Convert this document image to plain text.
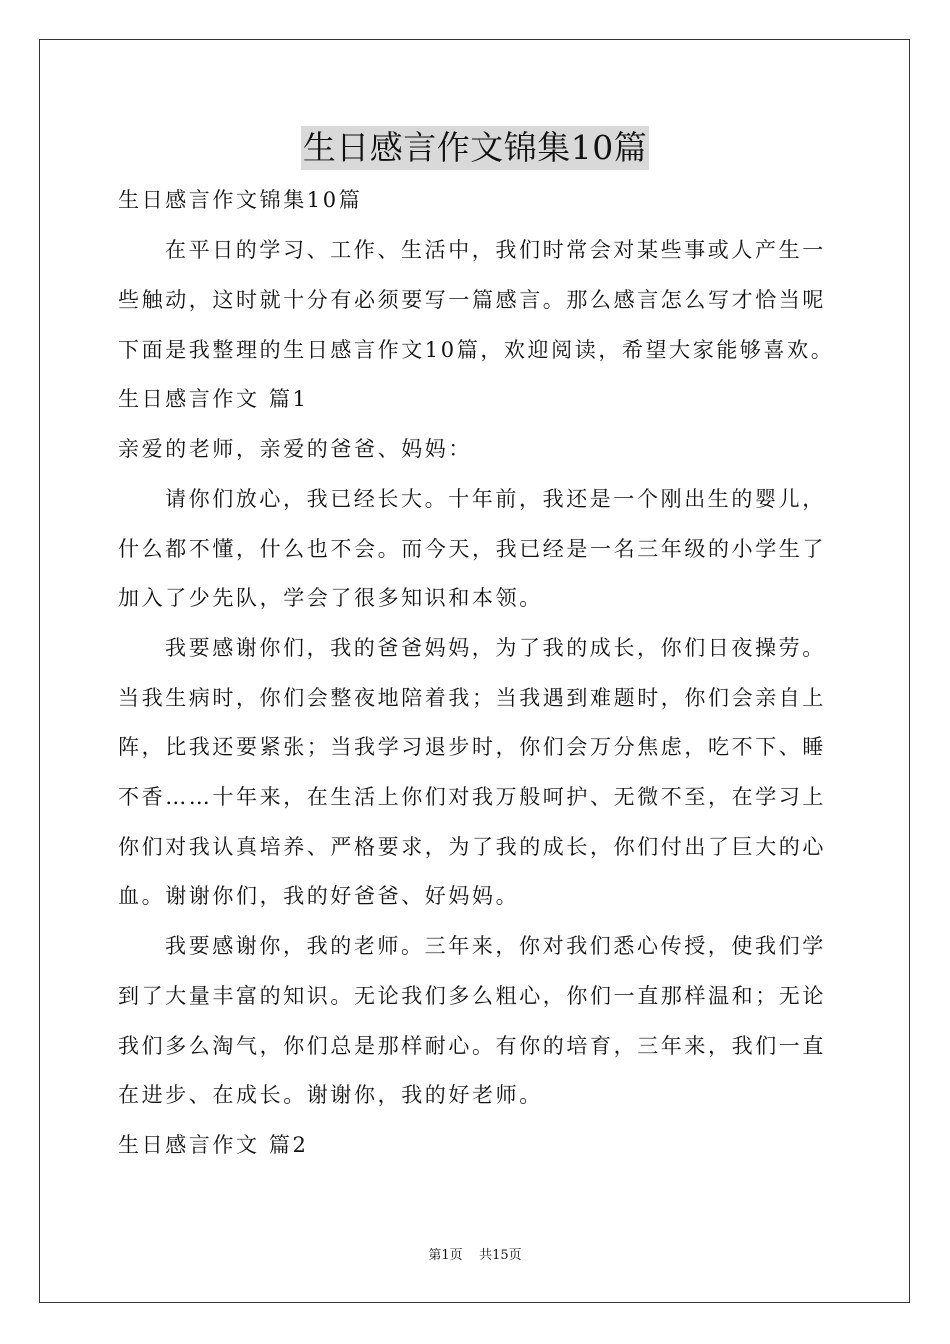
生日感言作文锦集10篇
生日感言作文锦集10篇
在平日的学习、工作、生活中，我们时常会对某些事或人产生一
些触动，这时就十分有必须要写一篇感言。那么感言怎么写才恰当呢
下面是我整理的生日感言作文10篇，欢迎阅读，希望大家能够喜欢。
生日感言作文 篇1
亲爱的老师，亲爱的爸爸、妈妈：
请你们放心，我已经长大。十年前，我还是一个刚出生的婴儿，
什么都不懂，什么也不会。而今天，我已经是一名三年级的小学生了
加入了少先队，学会了很多知识和本领。
我要感谢你们，我的爸爸妈妈，为了我的成长，你们日夜操劳。
当我生病时，你们会整夜地陪着我；当我遇到难题时，你们会亲自上
阵，比我还要紧张；当我学习退步时，你们会万分焦虑，吃不下、睡
不香……十年来，在生活上你们对我万般呵护、无微不至，在学习上
你们对我认真培养、严格要求，为了我的成长，你们付出了巨大的心
血。谢谢你们，我的好爸爸、好妈妈。
我要感谢你，我的老师。三年来，你对我们悉心传授，使我们学
到了大量丰富的知识。无论我们多么粗心，你们一直那样温和；无论
我们多么淘气，你们总是那样耐心。有你的培育，三年来，我们一直
在进步、在成长。谢谢你，我的好老师。
生日感言作文 篇2
第1页 共15页
